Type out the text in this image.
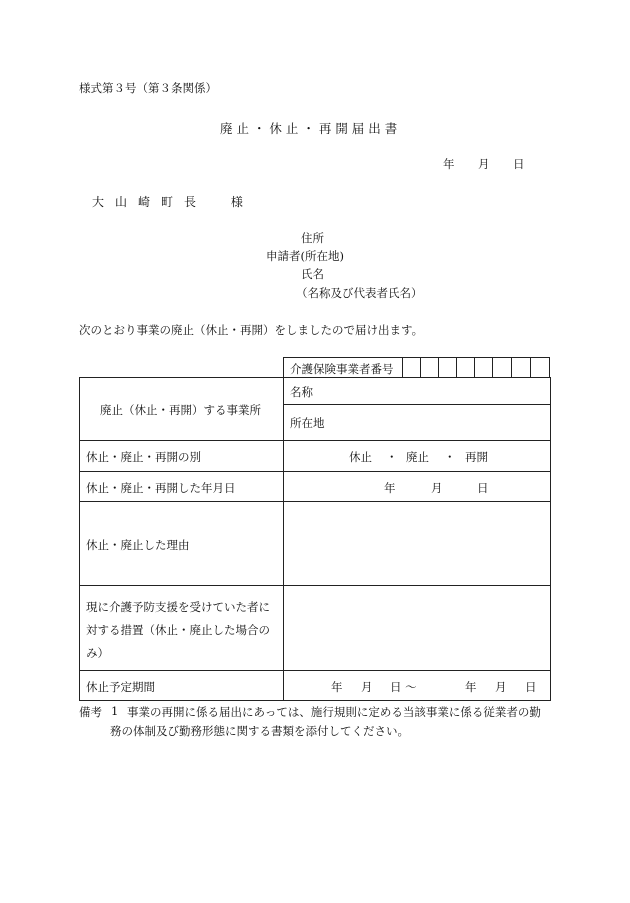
様式第３号（第３条関係）
廃 止 ・ 休 止 ・ 再 開 届 出 書
年 月 日
大 山 崎 町 長　　様
住所
申請者(所在地)
氏名
（名称及び代表者氏名）
次のとおり事業の廃止（休止・再開）をしましたので届け出ます。
介護保険事業者番号
廃止（休止・再開）する事業所
名称
所在地
休止・廃止・再開の別	休止 ・ 廃止 ・ 再開
休止・廃止・再開した年月日	年	月	日
休止・廃止した理由
現に介護予防支援を受けていた者に
対する措置（休止・廃止した場合の
み）
休止予定期間	年 月 日 〜	年 月 日
備考 1 事業の再開に係る届出にあっては、施行規則に定める当該事業に係る従業者の勤
務の体制及び勤務形態に関する書類を添付してください。
